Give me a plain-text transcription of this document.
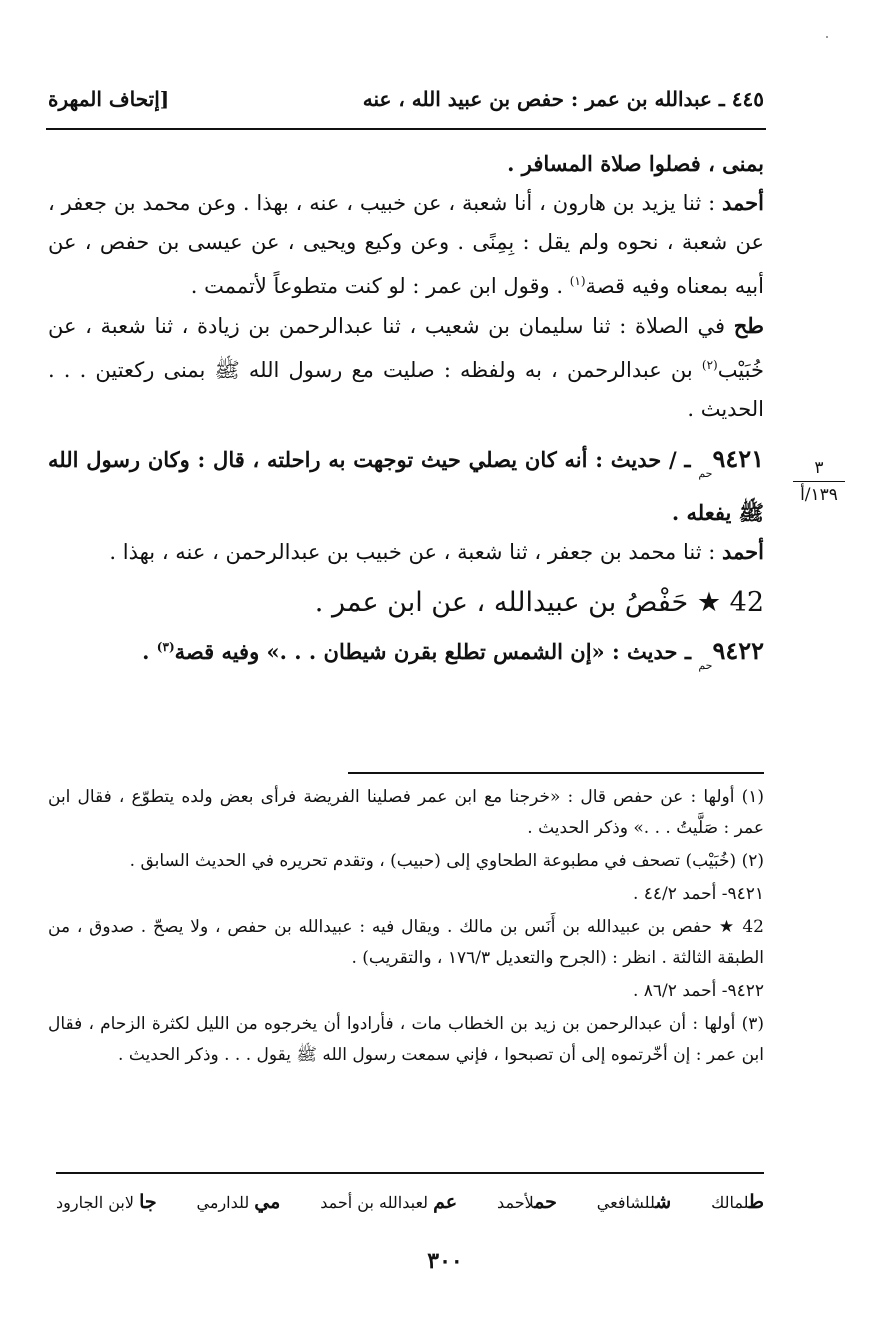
٤٤٥ ـ عبدالله بن عمر : حفص بن عبيد الله ، عنه
[إتحاف المهرة

بمنى ، فصلوا صلاة المسافر .

أحمد : ثنا يزيد بن هارون ، أنا شعبة ، عن خبيب ، عنه ، بهذا . وعن محمد بن جعفر ، عن شعبة ، نحوه ولم يقل : بِمِنًى . وعن وكيع ويحيى ، عن عيسى بن حفص ، عن أبيه بمعناه وفيه قصة$^{(١)}$ . وقول ابن عمر : لو كنت متطوعاً لأتممت .

طح في الصلاة : ثنا سليمان بن شعيب ، ثنا عبدالرحمن بن زيادة ، ثنا شعبة ، عن خُبَيْب$^{(٢)}$ بن عبدالرحمن ، به ولفظه : صليت مع رسول الله ﷺ بمنى ركعتين . . . الحديث .

$٩٤٢١_{حم}$ ـ / حديث : أنه كان يصلي حيث توجهت به راحلته ، قال : وكان رسول الله ﷺ يفعله .

أحمد : ثنا محمد بن جعفر ، ثنا شعبة ، عن خبيب بن عبدالرحمن ، عنه ، بهذا .

42 ★ حَفْصُ بن عبيدالله ، عن ابن عمر .

$٩٤٢٢_{حم}$ ـ حديث : «إن الشمس تطلع بقرن شيطان . . .» وفيه قصة$^{(٣)}$ .

٣
١٣٩/أ

(١) أولها : عن حفص قال : «خرجنا مع ابن عمر فصلينا الفريضة فرأى بعض ولده يتطوّع ، فقال ابن عمر : صَلَّيتُ . . .» وذكر الحديث .

(٢) (خُبَيْب) تصحف في مطبوعة الطحاوي إلى (حبيب) ، وتقدم تحريره في الحديث السابق .

٩٤٢١- أحمد ٤٤/٢ .

42 ★ حفص بن عبيدالله بن أَنَس بن مالك . ويقال فيه : عبيدالله بن حفص ، ولا يصحّ . صدوق ، من الطبقة الثالثة . انظر : (الجرح والتعديل ١٧٦/٣ ، والتقريب) .

٩٤٢٢- أحمد ٨٦/٢ .

(٣) أولها : أن عبدالرحمن بن زيد بن الخطاب مات ، فأرادوا أن يخرجوه من الليل لكثرة الزحام ، فقال ابن عمر : إن أخّرتموه إلى أن تصبحوا ، فإني سمعت رسول الله ﷺ يقول . . . وذكر الحديث .

طلمالك
شللشافعي
حملأحمد
عم لعبدالله بن أحمد
مي للدارمي
جا لابن الجارود
٣٠٠
